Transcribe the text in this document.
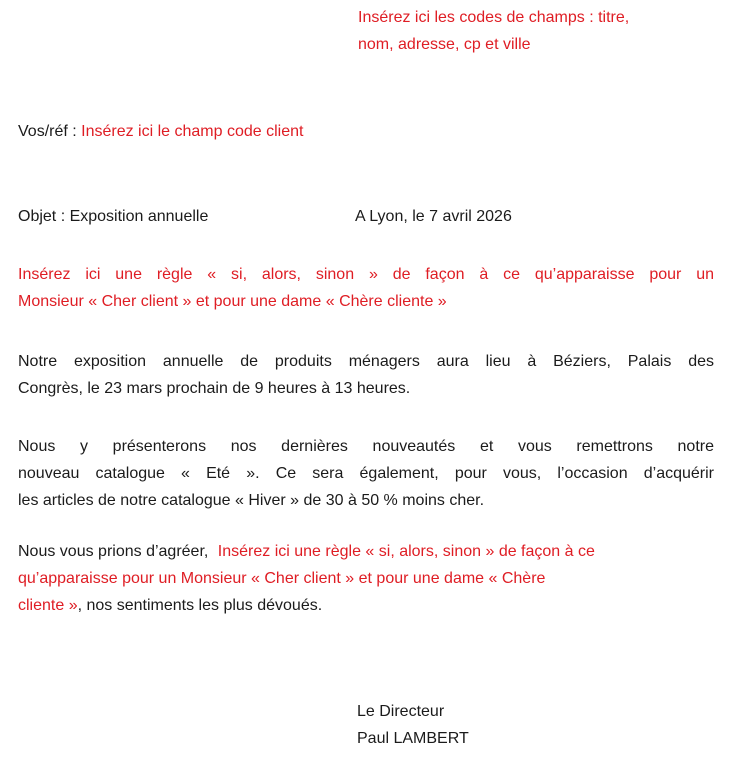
Insérez ici les codes de champs : titre,
nom, adresse, cp et ville

Vos/réf : Insérez ici le champ code client

Objet : Exposition annuelle	A Lyon, le 7 avril 2026
Insérez ici une règle « si, alors, sinon » de façon à ce qu’apparaisse pour un
Monsieur « Cher client » et pour une dame « Chère cliente »
Notre exposition annuelle de produits ménagers aura lieu à Béziers, Palais des
Congrès, le 23 mars prochain de 9 heures à 13 heures.
Nous y présenterons nos dernières nouveautés et vous remettrons notre
nouveau catalogue « Eté ». Ce sera également, pour vous, l’occasion d’acquérir
les articles de notre catalogue « Hiver » de 30 à 50 % moins cher.
Nous vous prions d’agréer, Insérez ici une règle « si, alors, sinon » de façon à ce
qu’apparaisse pour un Monsieur « Cher client » et pour une dame « Chère
cliente », nos sentiments les plus dévoués.
Le Directeur
Paul LAMBERT
